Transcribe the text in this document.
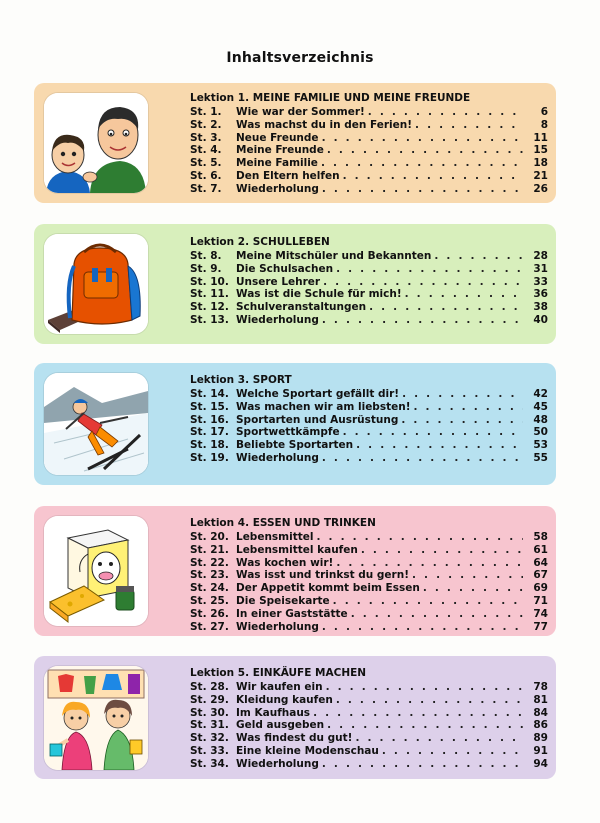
Inhaltsverzeichnis
Lektion 1. MEINE FAMILIE UND MEINE FREUNDE
St. 1.	Wie war der Sommer! . . .	6
St. 2.	Was machst du in den Ferien! . . .	8
St. 3.	Neue Freunde . . .	11
St. 4.	Meine Freunde . . .	15
St. 5.	Meine Familie . . .	18
St. 6.	Den Eltern helfen . . .	21
St. 7.	Wiederholung . . .	26
Lektion 2. SCHULLEBEN
St. 8.	Meine Mitschüler und Bekannten . . .	28
St. 9.	Die Schulsachen . . .	31
St. 10. Unsere Lehrer . . .	33
St. 11. Was ist die Schule für mich! . . .	36
St. 12. Schulveranstaltungen . . .	38
St. 13. Wiederholung . . .	40
Lektion 3. SPORT
St. 14. Welche Sportart gefällt dir! . . .	42
St. 15. Was machen wir am liebsten! . . .	45
St. 16. Sportarten und Ausrüstung . . .	48
St. 17. Sportwettkämpfe . . .	50
St. 18. Beliebte Sportarten . . .	53
St. 19. Wiederholung . . .	55
Lektion 4. ESSEN UND TRINKEN
St. 20. Lebensmittel . . .	58
St. 21. Lebensmittel kaufen . . .	61
St. 22. Was kochen wir! . . .	64
St. 23. Was isst und trinkst du gern! . . .	67
St. 24. Der Appetit kommt beim Essen . . .	69
St. 25. Die Speisekarte . . .	71
St. 26. In einer Gaststätte . . .	74
St. 27. Wiederholung . . .	77
Lektion 5. EINKÄUFE MACHEN
St. 28. Wir kaufen ein . . .	78
St. 29. Kleidung kaufen . . .	81
St. 30. Im Kaufhaus . . .	84
St. 31. Geld ausgeben . . .	86
St. 32. Was findest du gut! . . .	89
St. 33. Eine kleine Modenschau . . .	91
St. 34. Wiederholung . . .	94
